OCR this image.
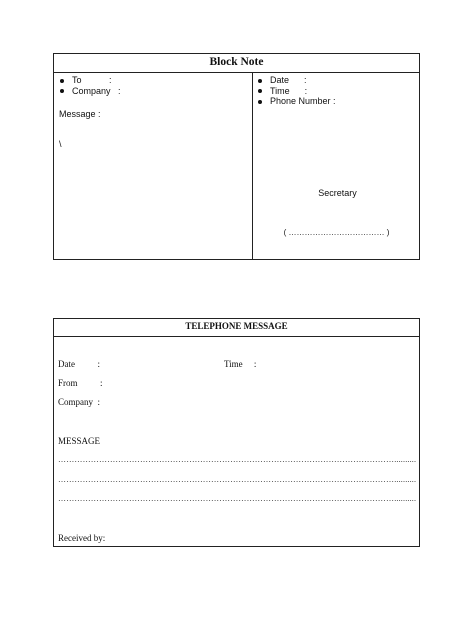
Block Note
To           :
Company   :
Message :
\
Date      :
Time      :
Phone Number :
Secretary
( ……………………………… )
TELEPHONE MESSAGE
Date          :	Time     :
From          :
Company  :
MESSAGE
……………………………………………………………………………………………………………..........
……………………………………………………………………………………………………………..........
……………………………………………………………………………………………………………..........
Received by:
